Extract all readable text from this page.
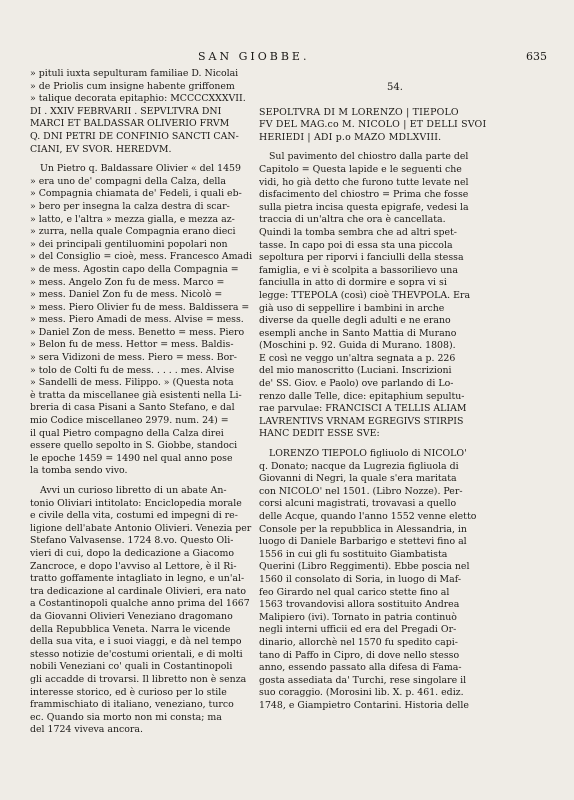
SAN GIOBBE.	635
» pituli iuxta sepulturam familiae D. Nicolai
» de Priolis cum insigne habente griffonem
» talique decorata epitaphio: MCCCCXXXVII.
DI . XXIV FEBRVARII . SEPVLTVRA DNI
MARCI ET BALDASSAR OLIVERIO FRVM
Q. DNI PETRI DE CONFINIO SANCTI CAN-
CIANI, EV SVOR. HEREDVM.
Un Pietro q. Baldassare Olivier « del 1459
» era uno de' compagni della Calza, della
» Compagnia chiamata de' Fedeli, i quali eb-
» bero per insegna la calza destra di scar-
» latto, e l'altra » mezza gialla, e mezza az-
» zurra, nella quale Compagnia erano dieci
» dei principali gentiluomini popolari non
» del Consiglio = cioè, mess. Francesco Amadi
» de mess. Agostin capo della Compagnia =
» mess. Angelo Zon fu de mess. Marco =
» mess. Daniel Zon fu de mess. Nicolò =
» mess. Piero Olivier fu de mess. Baldissera =
» mess. Piero Amadi de mess. Alvise = mess.
» Daniel Zon de mess. Benetto = mess. Piero
» Belon fu de mess. Hettor = mess. Baldis-
» sera Vidizoni de mess. Piero = mess. Bor-
» tolo de Colti fu de mess. . . . . mes. Alvise
» Sandelli de mess. Filippo. » (Questa nota
è tratta da miscellanee già esistenti nella Li-
breria di casa Pisani a Santo Stefano, e dal
mio Codice miscellaneo 2979. num. 24) =
il qual Pietro compagno della Calza direi
essere quello sepolto in S. Giobbe, standoci
le epoche 1459 = 1490 nel qual anno pose
la tomba sendo vivo.
Avvi un curioso libretto di un abate An-
tonio Oliviari intitolato: Enciclopedia morale
e civile della vita, costumi ed impegni di re-
ligione dell'abate Antonio Olivieri. Venezia per
Stefano Valvasense. 1724 8.vo. Questo Oli-
vieri di cui, dopo la dedicazione a Giacomo
Zancroce, e dopo l'avviso al Lettore, è il Ri-
tratto goffamente intagliato in legno, e un'al-
tra dedicazione al cardinale Olivieri, era nato
a Costantinopoli qualche anno prima del 1667
da Giovanni Olivieri Veneziano dragomano
della Repubblica Veneta. Narra le vicende
della sua vita, e i suoi viaggi, e dà nel tempo
stesso notizie de'costumi orientali, e di molti
nobili Veneziani co' quali in Costantinopoli
gli accadde di trovarsi. Il libretto non è senza
interesse storico, ed è curioso per lo stile
frammischiato di italiano, veneziano, turco
ec. Quando sia morto non mi consta; ma
del 1724 viveva ancora.
54.
SEPOLTVRA DI M LORENZO | TIEPOLO
FV DEL MAG.co M. NICOLO | ET DELLI SVOI
HERIEDI | ADI p.o MAZO MDLXVIII.
Sul pavimento del chiostro dalla parte del
Capitolo = Questa lapide e le seguenti che
vidi, ho già detto che furono tutte levate nel
disfacimento del chiostro = Prima che fosse
sulla pietra incisa questa epigrafe, vedesi la
traccia di un'altra che ora è cancellata.
Quindi la tomba sembra che ad altri spet-
tasse. In capo poi di essa sta una piccola
sepoltura per riporvi i fanciulli della stessa
famiglia, e vi è scolpita a bassorilievo una
fanciulla in atto di dormire e sopra vi si
legge: TTEPOLA (così) cioè THEVPOLA. Era
già uso di seppellire i bambini in arche
diverse da quelle degli adulti e ne erano
esempli anche in Santo Mattia di Murano
(Moschini p. 92. Guida di Murano. 1808).
E così ne veggo un'altra segnata a p. 226
del mio manoscritto (Luciani. Inscrizioni
de' SS. Giov. e Paolo) ove parlando di Lo-
renzo dalle Telle, dice: epitaphium sepultu-
rae parvulae: FRANCISCI A TELLIS ALIAM
LAVRENTIVS VRNAM EGREGIVS STIRPIS
HANC DEDIT ESSE SVE:
LORENZO TIEPOLO figliuolo di NICOLO'
q. Donato; nacque da Lugrezia figliuola di
Giovanni di Negri, la quale s'era maritata
con NICOLO' nel 1501. (Libro Nozze). Per-
corsi alcuni magistrati, trovavasi a quello
delle Acque, quando l'anno 1552 venne eletto
Console per la repubblica in Alessandria, in
luogo di Daniele Barbarigo e stettevi fino al
1556 in cui gli fu sostituito Giambatista
Querini (Libro Reggimenti). Ebbe poscia nel
1560 il consolato di Soria, in luogo di Maf-
feo Girardo nel qual carico stette fino al
1563 trovandovisi allora sostituito Andrea
Malipiero (ivi). Tornato in patria continuò
negli interni ufficii ed era del Pregadi Or-
dinario, allorchè nel 1570 fu spedito capi-
tano di Paffo in Cipro, di dove nello stesso
anno, essendo passato alla difesa di Fama-
gosta assediata da' Turchi, rese singolare il
suo coraggio. (Morosini lib. X. p. 461. ediz.
1748, e Giampietro Contarini. Historia delle
